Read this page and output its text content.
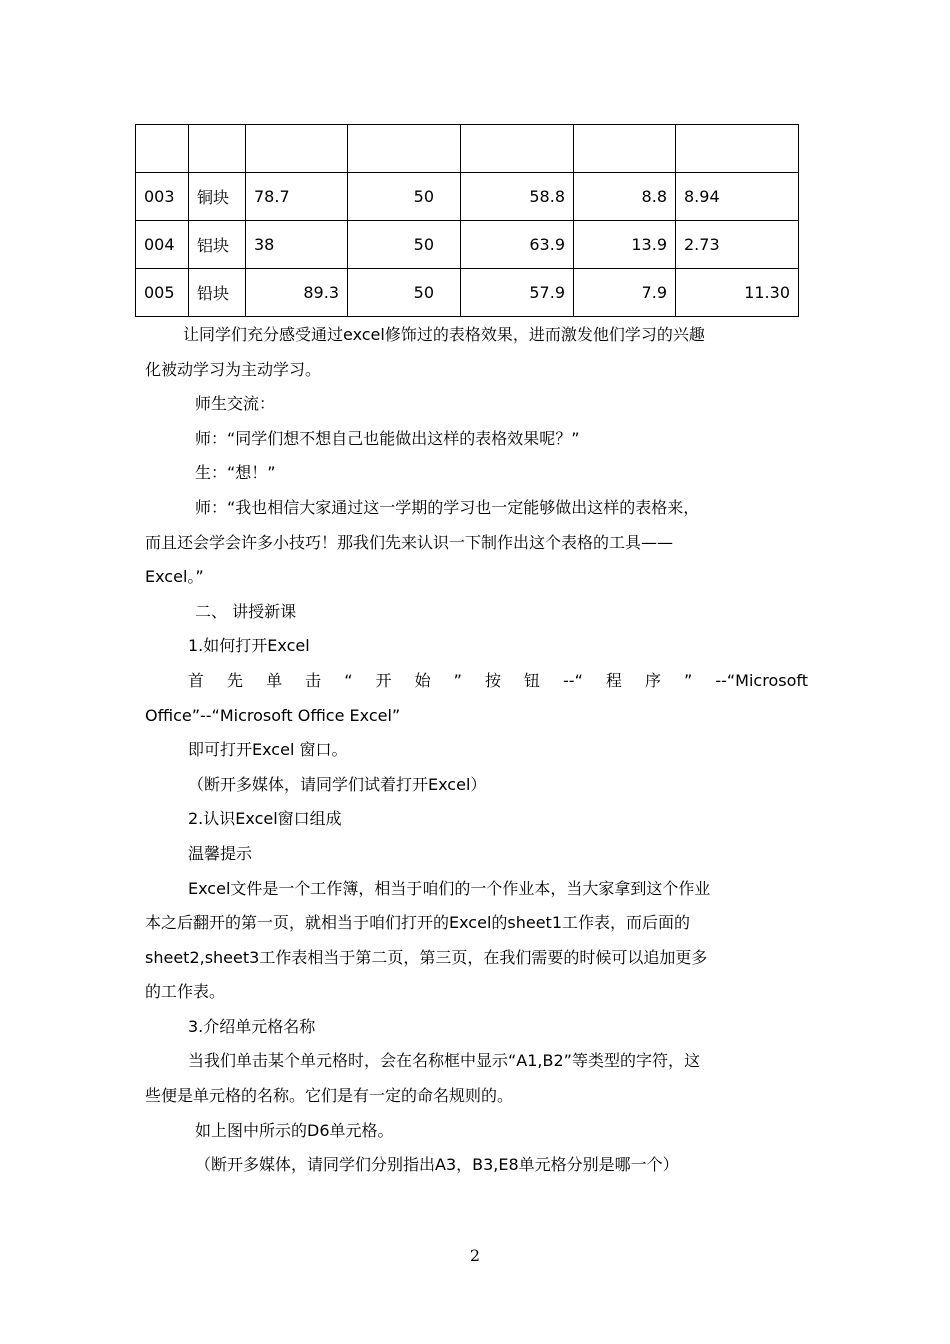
003	铜块	78.7	50	58.8	8.8	8.94
004	铝块	38	50	63.9	13.9	2.73
005	铅块	89.3	50	57.9	7.9	11.30

让同学们充分感受通过excel修饰过的表格效果，进而激发他们学习的兴趣

化被动学习为主动学习。

师生交流：

师：“同学们想不想自己也能做出这样的表格效果呢？”

生：“想！”

师：“我也相信大家通过这一学期的学习也一定能够做出这样的表格来，

而且还会学会许多小技巧！那我们先来认识一下制作出这个表格的工具——

Excel。”

二、 讲授新课

1.如何打开Excel

首 先 单 击 “ 开 始 ” 按 钮 --“ 程 序 ” --“Microsoft

Office”--“Microsoft Office Excel”

即可打开Excel 窗口。

（断开多媒体，请同学们试着打开Excel）

2.认识Excel窗口组成

温馨提示

Excel文件是一个工作簿，相当于咱们的一个作业本，当大家拿到这个作业

本之后翻开的第一页，就相当于咱们打开的Excel的sheet1工作表，而后面的

sheet2,sheet3工作表相当于第二页，第三页，在我们需要的时候可以追加更多

的工作表。

3.介绍单元格名称

当我们单击某个单元格时，会在名称框中显示“A1,B2”等类型的字符，这

些便是单元格的名称。它们是有一定的命名规则的。

如上图中所示的D6单元格。

（断开多媒体，请同学们分别指出A3，B3,E8单元格分别是哪一个）

2
